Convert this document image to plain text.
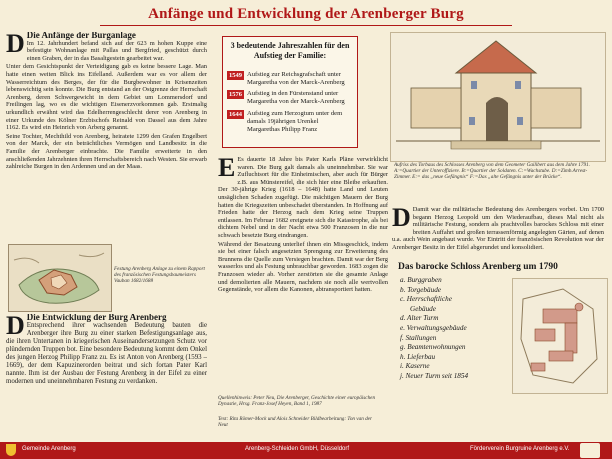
Anfänge und Entwicklung der Arenberger Burg
D Die Anfänge der Burganlage

Im 12. Jahrhundert befand sich auf der 623 m hohen Kuppe eine befestigte Wohnanlage mit Pallas und Bergfried, geschützt durch einen Graben, der in das Basaltgestein gearbeitet war.

Unter dem Gesichtspunkt der Verteidigung gab es keine bessere Lage. Man hatte einen weiten Blick ins Eifelland. Außerdem war es vor allem der Wasserreichtum des Berges, der für die Burgbewohner in Krisenzeiten lebenswichtig sein konnte. Die Burg entstand an der Ostgrenze der Herrschaft Arenberg, deren Schwergewicht in dem Gebiet um Lommersdorf und Freilingen lag, wo es die wichtigen Eisenerzvorkommen gab. Erstmalig urkundlich erwähnt wird das Edelherrengeschlecht derer von Arenberg in einer Urkunde des Kölner Erzbischofs Reinald von Dassel aus dem Jahre 1162. Es wird ein Heinrich von Arberg genannt.

Seine Tochter, Mechthild von Arenberg, heiratete 1299 den Grafen Engelbert von der Marck, der ein beträchtliches Vermögen und Landbesitz in die Familie der Arenberger einbrachte. Die Familie erweiterte in den anschließenden Jahrzehnten ihren Herrschaftsbereich nach Westen. Sie erwarb zahlreiche Burgen in den Ardennen und an der Maas.

Festung Arenberg Anlage zu einem Rapport des französischen Festungsbaumeisters Vauban 1682/1688
D Die Entwicklung der Burg Arenberg

Entsprechend ihrer wachsenden Bedeutung bauten die Arenberger ihre Burg zu einer starken Befestigungsanlage aus, die ihren Untertanen in kriegerischen Auseinandersetzungen Schutz vor plündernden Truppen bot. Eine besondere Bedeutung kommt dem Onkel des jungen Herzog Philipp Franz zu. Es ist Anton von Arenberg (1593 – 1669), der dem Kapuzinerorden beitrat und sich fortan Pater Karl nannte. Ihm ist der Ausbau der Festung Arenberg in der Eifel zu einer modernen und uneinnehmbaren Festung zu verdanken.

3 bedeutende Jahreszahlen für den Aufstieg der Familie:
1549 Aufstieg zur Reichsgrafschaft unter Margaretha von der Marck-Arenberg
1576 Aufstieg in den Fürstenstand unter Margaretha von der Marck-Arenberg
1644 Aufstieg zum Herzogtum unter dem damals 19jährigen Urenkel Margarethas Philipp Franz
E Es dauerte 18 Jahre bis Pater Karls Pläne verwirklicht waren. Die Burg galt damals als uneinnehmbar. Sie war Zufluchtsort für die Einheimischen, aber auch für Bürger z.B. aus Münstereifel, die sich hier eine Bleibe erkauften. Der 30-jährige Krieg (1618 – 1648) hatte Land und Leuten unsäglichen Schaden zugefügt. Die mächtigen Mauern der Burg hatten die Kriegszeiten unbeschadet überstanden. In Hoffnung auf Frieden hatte der Herzog nach dem Krieg seine Truppen entlassen. Im Februar 1682 ereignete sich die Katastrophe, als bei dichtem Nebel und in der Nacht etwa 500 Franzosen in die nur schwach besetzte Burg eindrangen.

Während der Besatzung unterlief ihnen ein Missgeschick, indem sie bei einer falsch angesetzten Sprengung zur Erweiterung des Brunnens die Quelle zum Versiegen brachten. Damit war der Berg wasserlos und als Festung unbrauchbar geworden. 1683 zogen die Franzosen wieder ab. Vorher zerstörten sie die gesamte Anlage und demolierten alle Mauern, nachdem sie noch alle wertvollen Gegenstände, vor allem die Kanonen, abtransportiert hatten.

Quellenhinweis: Peter Neu, Die Arenberger, Geschichte einer europäischen Dynastie, Hrsg. Franz-Josef Heyen, Band 1, 1987
Text: Rita Römer-Mock und Alois Schneider Bildbearbeitung: Ton van der Neut
Aufriss des Torbaus des Schlosses Arenberg von dem Geometer Gailibert aus dem Jahre 1791. A:=Quartier der Unteroffiziere. B:=Quartier der Soldaten. C:=Wachstube. D:=Zimb.Arrest-Zimmer. E:= das „neue Gefängnis“ F:=Das „alte Gefängnis unter der Brücke“.
D Damit war die militärische Bedeutung des Arenbergers vorbei. Um 1700 begann Herzog Leopold um den Wiederaufbau, dieses Mal nicht als militärische Festung, sondern als prachtvolles barockes Schloss mit einer breiten Auffahrt und großen terrassenförmig angelegten Gärten, auf denen u.a. auch Wein angebaut wurde. Vor Eintritt der französischen Revolution war der Arenberger Besitz in der Eifel abgerundet und konsolidiert.

Das barocke Schloss Arenberg um 1790
a. Burggraben
b. Torgebäude
c. Herrschaftliche
Gebäude
d. Alter Turm
e. Verwaltungsgebäude
f. Stallungen
g. Beamtenwohnungen
h. Lieferbau
i. Kaserne
j. Neuer Turm seit 1854
Gemeinde Arenberg	Arenberg-Schleiden GmbH, Düsseldorf	Förderverein Burgruine Arenberg e.V.
